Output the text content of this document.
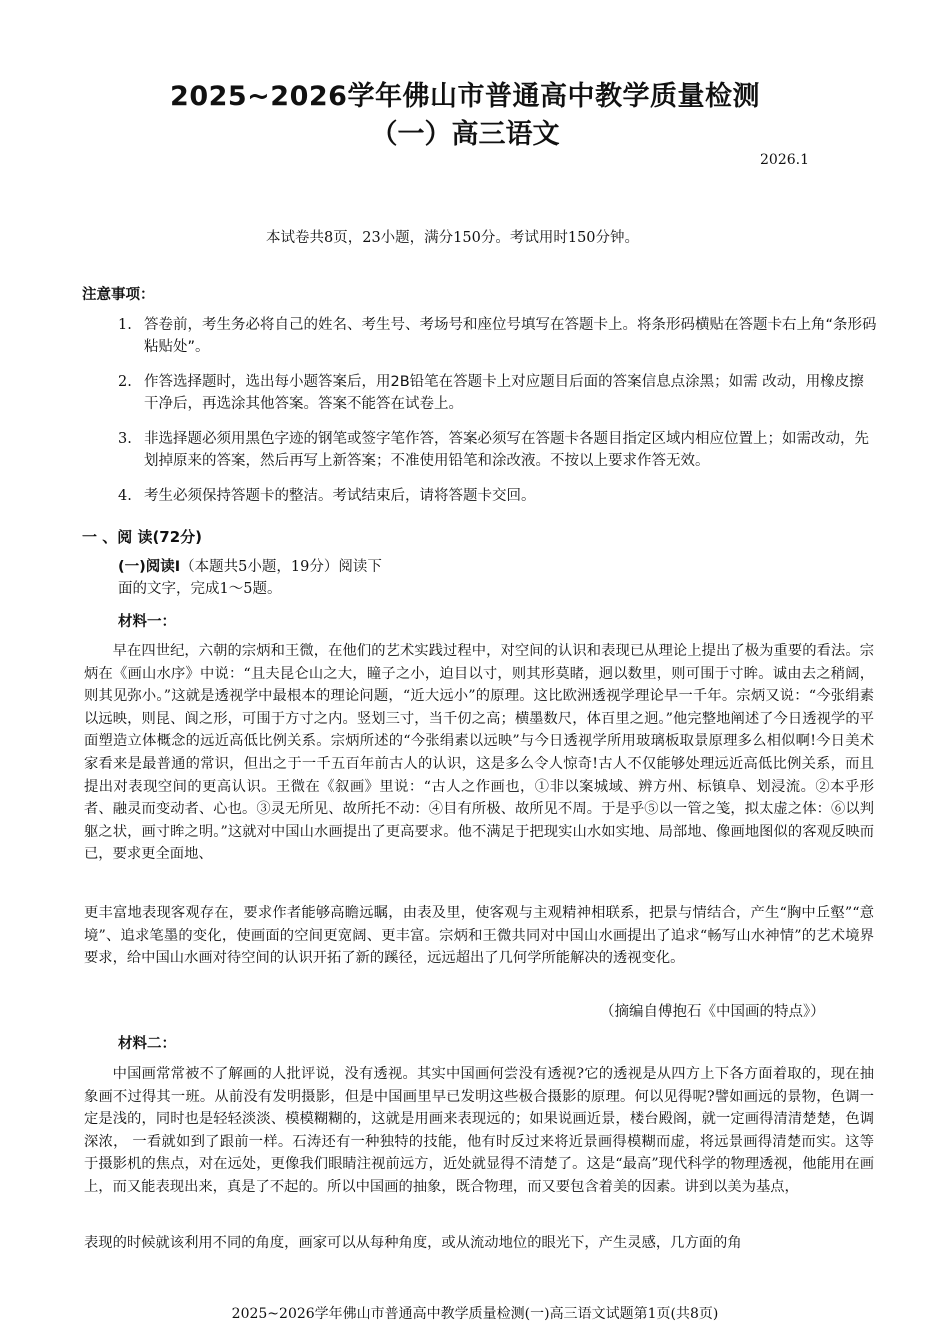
2025~2026学年佛山市普通高中教学质量检测
（一）高三语文
2026.1
本试卷共8页，23小题，满分150分。考试用时150分钟。
注意事项：
1. 答卷前，考生务必将自己的姓名、考生号、考场号和座位号填写在答题卡上。将条形码横贴在答题卡右上角“条形码粘贴处”。
2. 作答选择题时，选出每小题答案后，用2B铅笔在答题卡上对应题目后面的答案信息点涂黑；如需 改动，用橡皮擦干净后，再选涂其他答案。答案不能答在试卷上。
3. 非选择题必须用黑色字迹的钢笔或签字笔作答，答案必须写在答题卡各题目指定区域内相应位置上；如需改动，先划掉原来的答案，然后再写上新答案；不准使用铅笔和涂改液。不按以上要求作答无效。
4. 考生必须保持答题卡的整洁。考试结束后，请将答题卡交回。
一 、阅 读(72分)
(一)阅读Ⅰ（本题共5小题，19分）阅读下面的文字，完成1～5题。
材料一：

早在四世纪，六朝的宗炳和王微，在他们的艺术实践过程中，对空间的认识和表现已从理论上提出了极为重要的看法。宗炳在《画山水序》中说：“且夫昆仑山之大，瞳子之小，迫目以寸，则其形莫睹，迥以数里，则可围于寸眸。诚由去之稍阔，则其见弥小。”这就是透视学中最根本的理论问题，“近大远小”的原理。这比欧洲透视学理论早一千年。宗炳又说：“今张绢素以远映，则昆、阆之形，可围于方寸之内。竖划三寸，当千仞之高；横墨数尺，体百里之迥。”他完整地阐述了今日透视学的平面塑造立体概念的远近高低比例关系。宗炳所述的“今张绢素以远映”与今日透视学所用玻璃板取景原理多么相似啊!今日美术家看来是最普通的常识，但出之于一千五百年前古人的认识，这是多么令人惊奇!古人不仅能够处理远近高低比例关系，而且提出对表现空间的更高认识。王微在《叙画》里说：“古人之作画也，①非以案城域、辨方州、标镇阜、划浸流。②本乎形者、融灵而变动者、心也。③灵无所见、故所托不动：④目有所极、故所见不周。于是乎⑤以一管之笺，拟太虚之体：⑥以判躯之状，画寸眸之明。”这就对中国山水画提出了更高要求。他不满足于把现实山水如实地、局部地、像画地图似的客观反映而已，要求更全面地、

更丰富地表现客观存在，要求作者能够高瞻远瞩，由表及里，使客观与主观精神相联系，把景与情结合，产生“胸中丘壑”“意境”、追求笔墨的变化，使画面的空间更宽阔、更丰富。宗炳和王微共同对中国山水画提出了追求“畅写山水神情”的艺术境界要求，给中国山水画对待空间的认识开拓了新的蹊径，远远超出了几何学所能解决的透视变化。

（摘编自傅抱石《中国画的特点》）
材料二：

中国画常常被不了解画的人批评说，没有透视。其实中国画何尝没有透视?它的透视是从四方上下各方面着取的，现在抽象画不过得其一班。从前没有发明摄影，但是中国画里早已发明这些极合摄影的原理。何以见得呢?譬如画远的景物，色调一定是浅的，同时也是轻轻淡淡、模模糊糊的，这就是用画来表现远的；如果说画近景，楼台殿阁，就一定画得清清楚楚，色调深浓， 一看就如到了跟前一样。石涛还有一种独特的技能，他有时反过来将近景画得模糊而虚，将远景画得清楚而实。这等于摄影机的焦点，对在远处，更像我们眼睛注视前远方，近处就显得不清楚了。这是“最高”现代科学的物理透视，他能用在画上，而又能表现出来，真是了不起的。所以中国画的抽象，既合物理，而又要包含着美的因素。讲到以美为基点，

表现的时候就该利用不同的角度，画家可以从每种角度，或从流动地位的眼光下，产生灵感，几方面的角

2025~2026学年佛山市普通高中教学质量检测(一)高三语文试题第1页(共8页)
